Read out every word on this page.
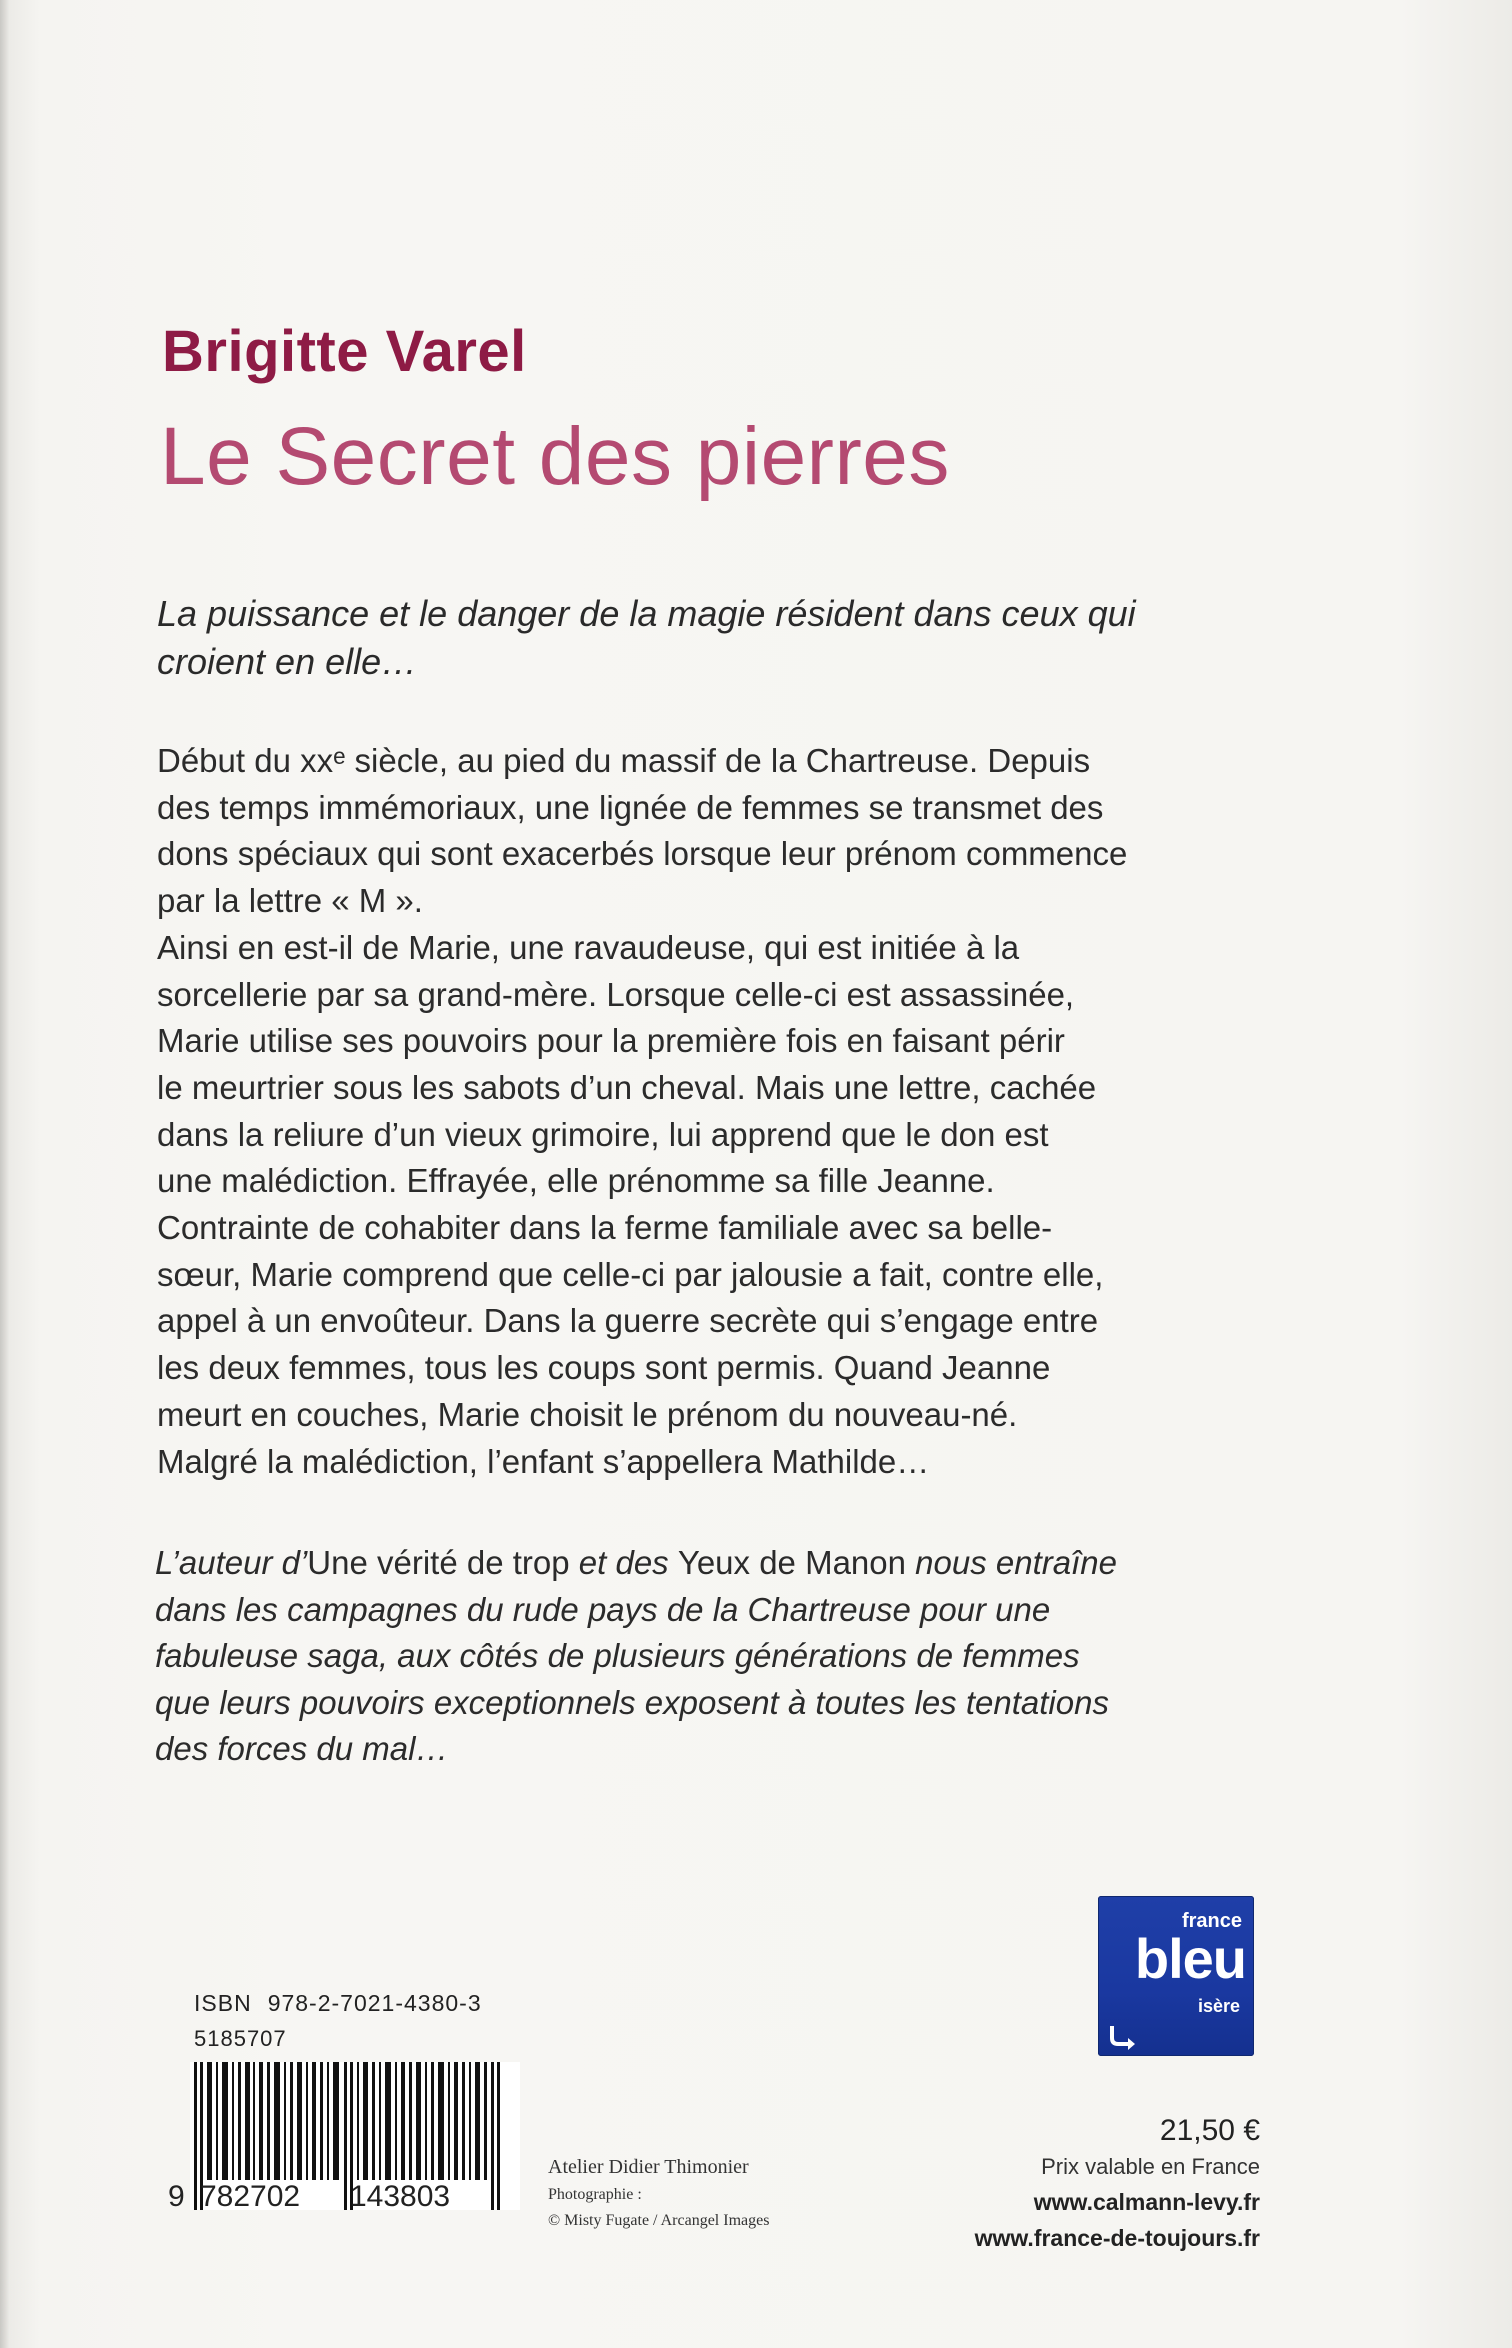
Brigitte Varel
Le Secret des pierres

La puissance et le danger de la magie résident dans ceux qui

croient en elle…

Début du xxᵉ siècle, au pied du massif de la Chartreuse. Depuis

des temps immémoriaux, une lignée de femmes se transmet des

dons spéciaux qui sont exacerbés lorsque leur prénom commence

par la lettre « M ».

Ainsi en est-il de Marie, une ravaudeuse, qui est initiée à la

sorcellerie par sa grand-mère. Lorsque celle-ci est assassinée,

Marie utilise ses pouvoirs pour la première fois en faisant périr

le meurtrier sous les sabots d’un cheval. Mais une lettre, cachée

dans la reliure d’un vieux grimoire, lui apprend que le don est

une malédiction. Effrayée, elle prénomme sa fille Jeanne.

Contrainte de cohabiter dans la ferme familiale avec sa belle-

sœur, Marie comprend que celle-ci par jalousie a fait, contre elle,

appel à un envoûteur. Dans la guerre secrète qui s’engage entre

les deux femmes, tous les coups sont permis. Quand Jeanne

meurt en couches, Marie choisit le prénom du nouveau-né.

Malgré la malédiction, l’enfant s’appellera Mathilde…

L’auteur d’Une vérité de trop et des Yeux de Manon nous entraîne

dans les campagnes du rude pays de la Chartreuse pour une

fabuleuse saga, aux côtés de plusieurs générations de femmes

que leurs pouvoirs exceptionnels exposent à toutes les tentations

des forces du mal…

france
bleu
isère
ISBN 978-2-7021-4380-3
5185707
9 782702 143803
Atelier Didier Thimonier
Photographie :
© Misty Fugate / Arcangel Images
21,50 €
Prix valable en France
www.calmann-levy.fr
www.france-de-toujours.fr
